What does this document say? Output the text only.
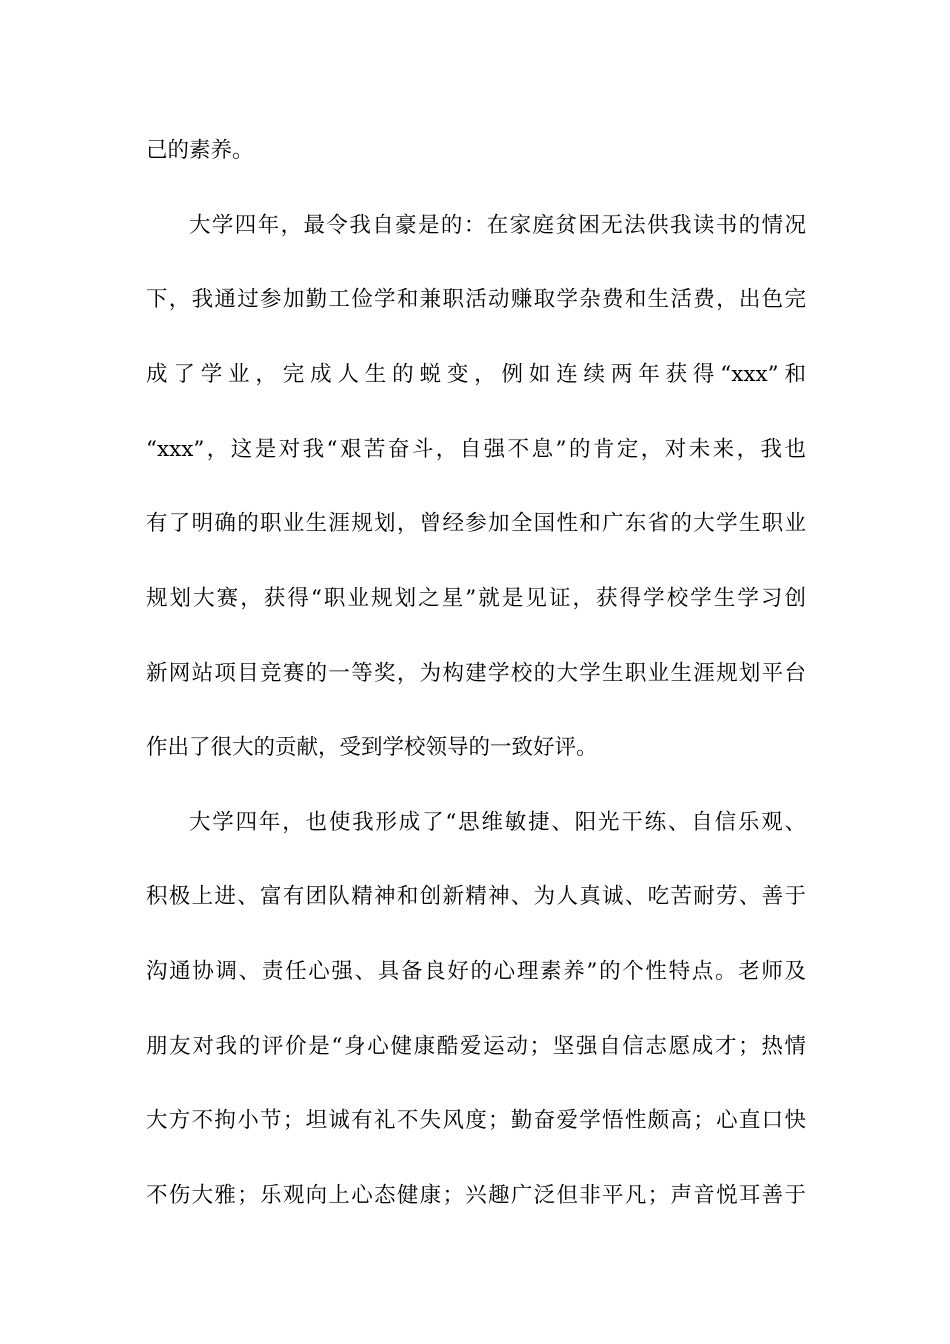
己的素养。
大学四年，最令我自豪是的：在家庭贫困无法供我读书的情况
下，我通过参加勤工俭学和兼职活动赚取学杂费和生活费，出色完
成了学业，完成人生的蜕变，例如连续两年获得“xxx”和
“xxx”，这是对我“艰苦奋斗，自强不息”的肯定，对未来，我也
有了明确的职业生涯规划，曾经参加全国性和广东省的大学生职业
规划大赛，获得“职业规划之星”就是见证，获得学校学生学习创
新网站项目竞赛的一等奖，为构建学校的大学生职业生涯规划平台
作出了很大的贡献，受到学校领导的一致好评。
大学四年，也使我形成了“思维敏捷、阳光干练、自信乐观、
积极上进、富有团队精神和创新精神、为人真诚、吃苦耐劳、善于
沟通协调、责任心强、具备良好的心理素养”的个性特点。老师及
朋友对我的评价是“身心健康酷爱运动；坚强自信志愿成才；热情
大方不拘小节；坦诚有礼不失风度；勤奋爱学悟性颇高；心直口快
不伤大雅；乐观向上心态健康；兴趣广泛但非平凡；声音悦耳善于
